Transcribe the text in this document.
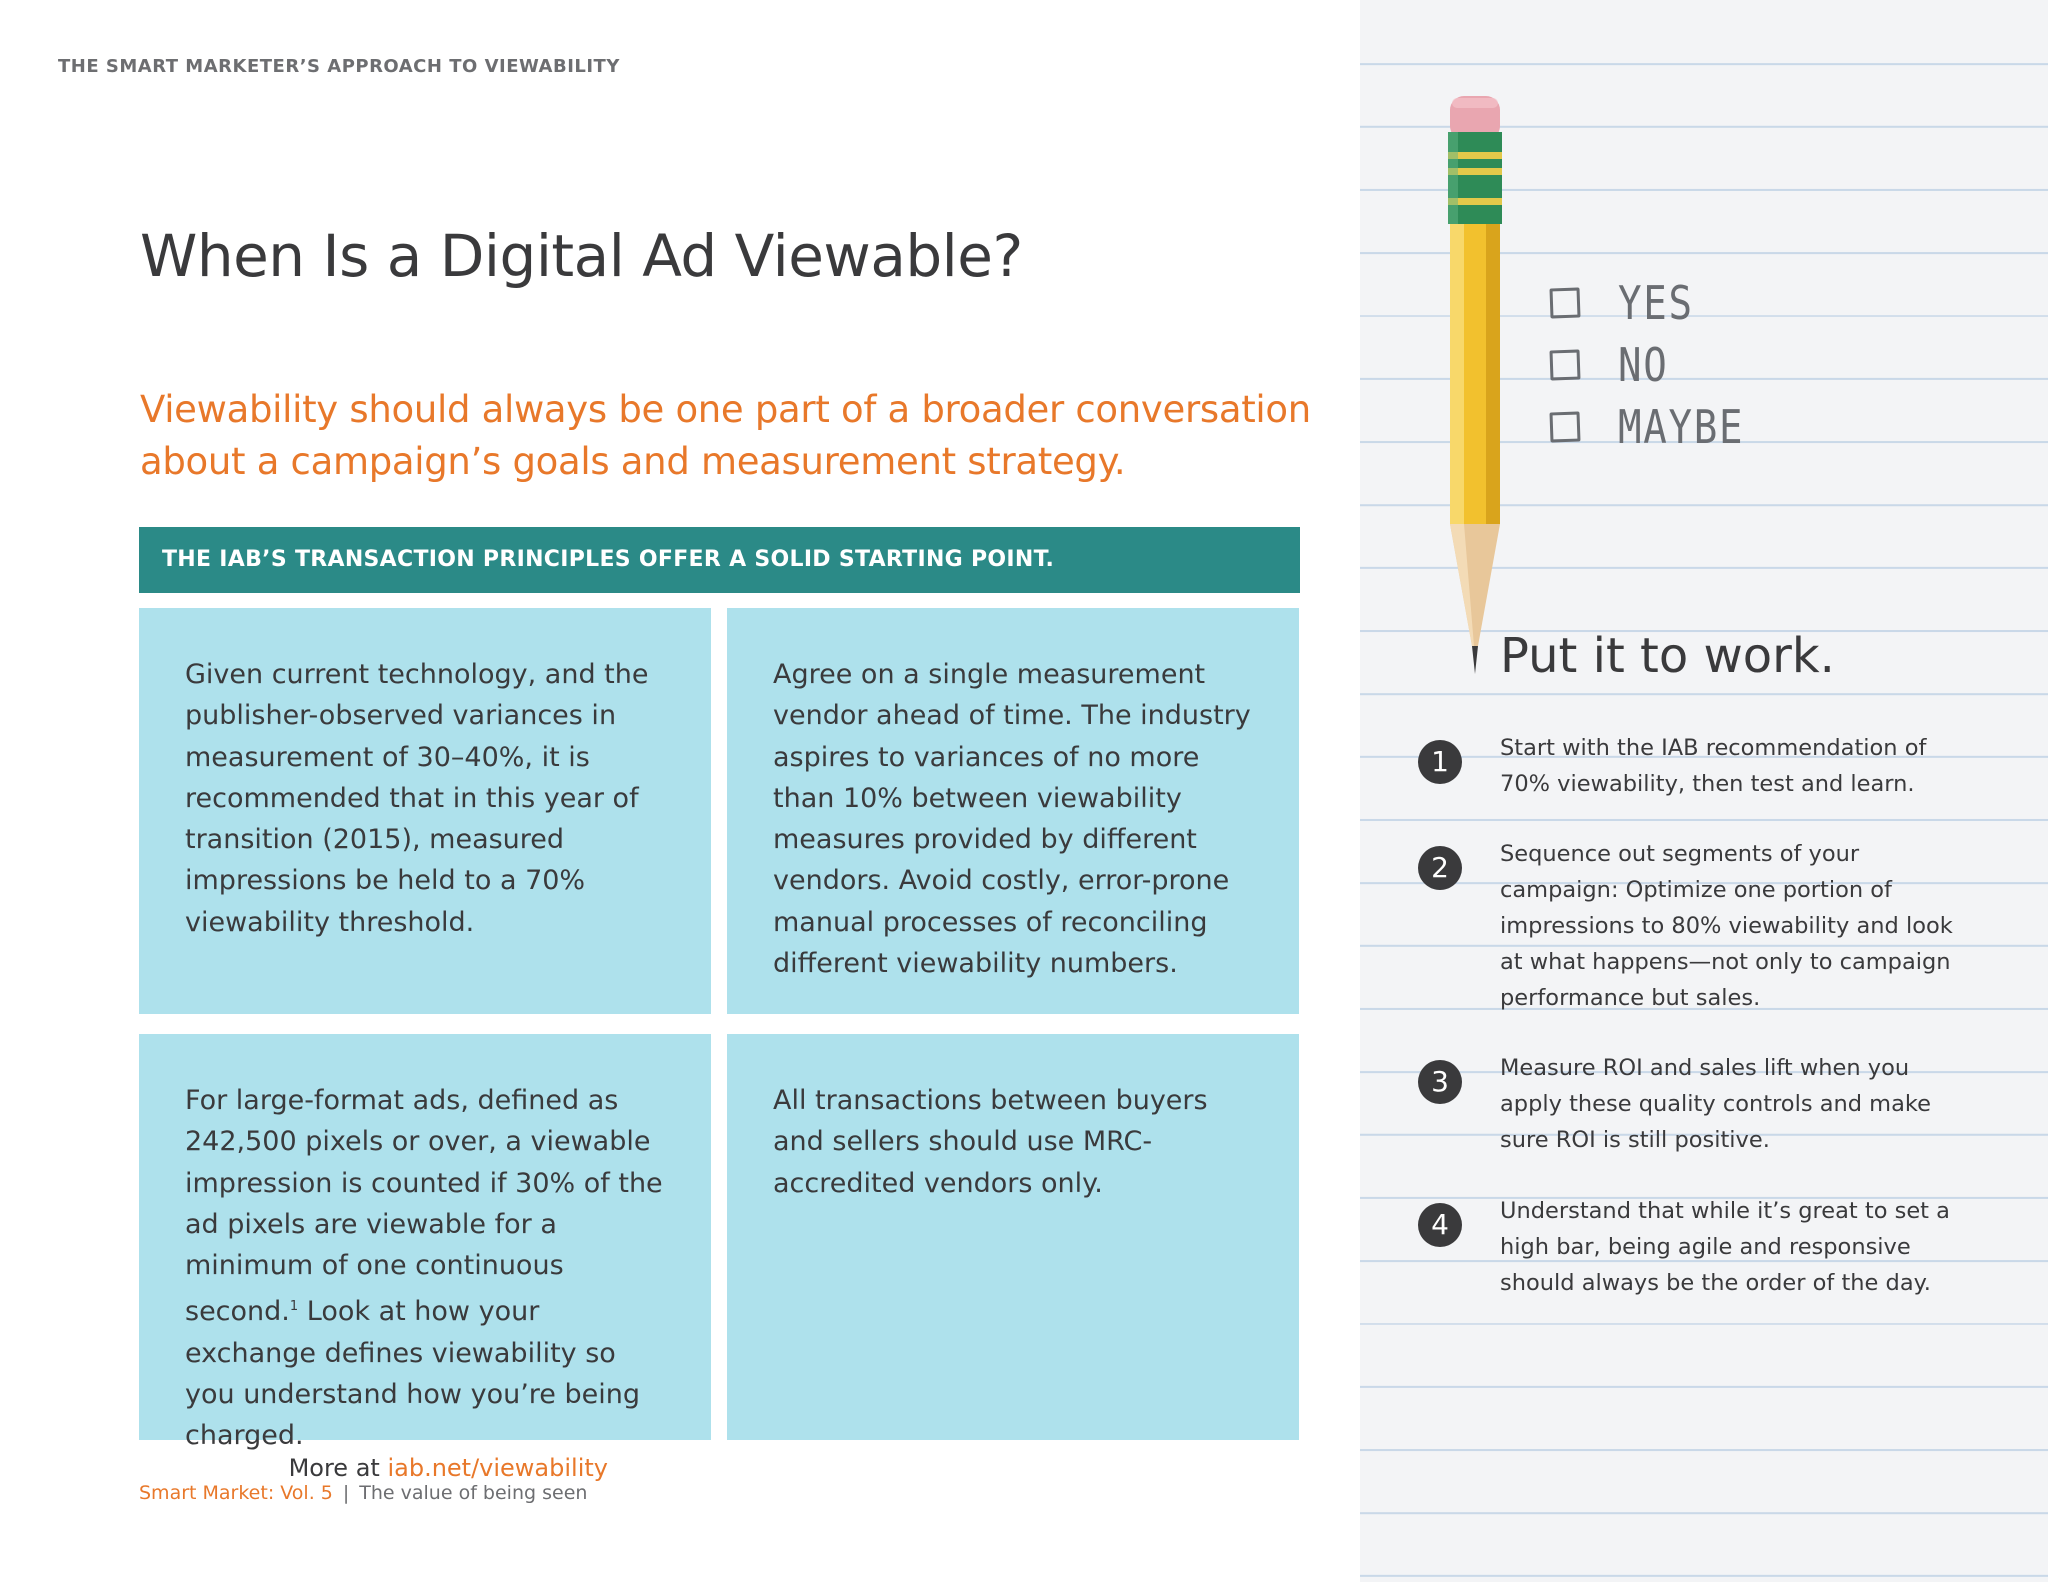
THE SMART MARKETER’S APPROACH TO VIEWABILITY
When Is a Digital Ad Viewable?

Viewability should always be one part of a broader conversation about a campaign’s goals and measurement strategy.

THE IAB’S TRANSACTION PRINCIPLES OFFER A SOLID STARTING POINT.

Given current technology, and the publisher-observed variances in measurement of 30–40%, it is recommended that in this year of transition (2015), measured impressions be held to a 70% viewability threshold.

Agree on a single measurement vendor ahead of time. The industry aspires to variances of no more than 10% between viewability measures provided by different vendors. Avoid costly, error-prone manual processes of reconciling different viewability numbers.

For large-format ads, defined as 242,500 pixels or over, a viewable impression is counted if 30% of the ad pixels are viewable for a minimum of one continuous second.$^1$ Look at how your exchange defines viewability so you understand how you’re being charged.

All transactions between buyers and sellers should use MRC-accredited vendors only.

More at iab.net/viewability
Smart Market: Vol. 5 | The value of being seen
YES
NO
MAYBE
Put it to work.
1	Start with the IAB recommendation of 70% viewability, then test and learn.

2	Sequence out segments of your campaign: Optimize one portion of impressions to 80% viewability and look at what happens—not only to campaign performance but sales.

3	Measure ROI and sales lift when you apply these quality controls and make sure ROI is still positive.

4	Understand that while it’s great to set a high bar, being agile and responsive should always be the order of the day.
